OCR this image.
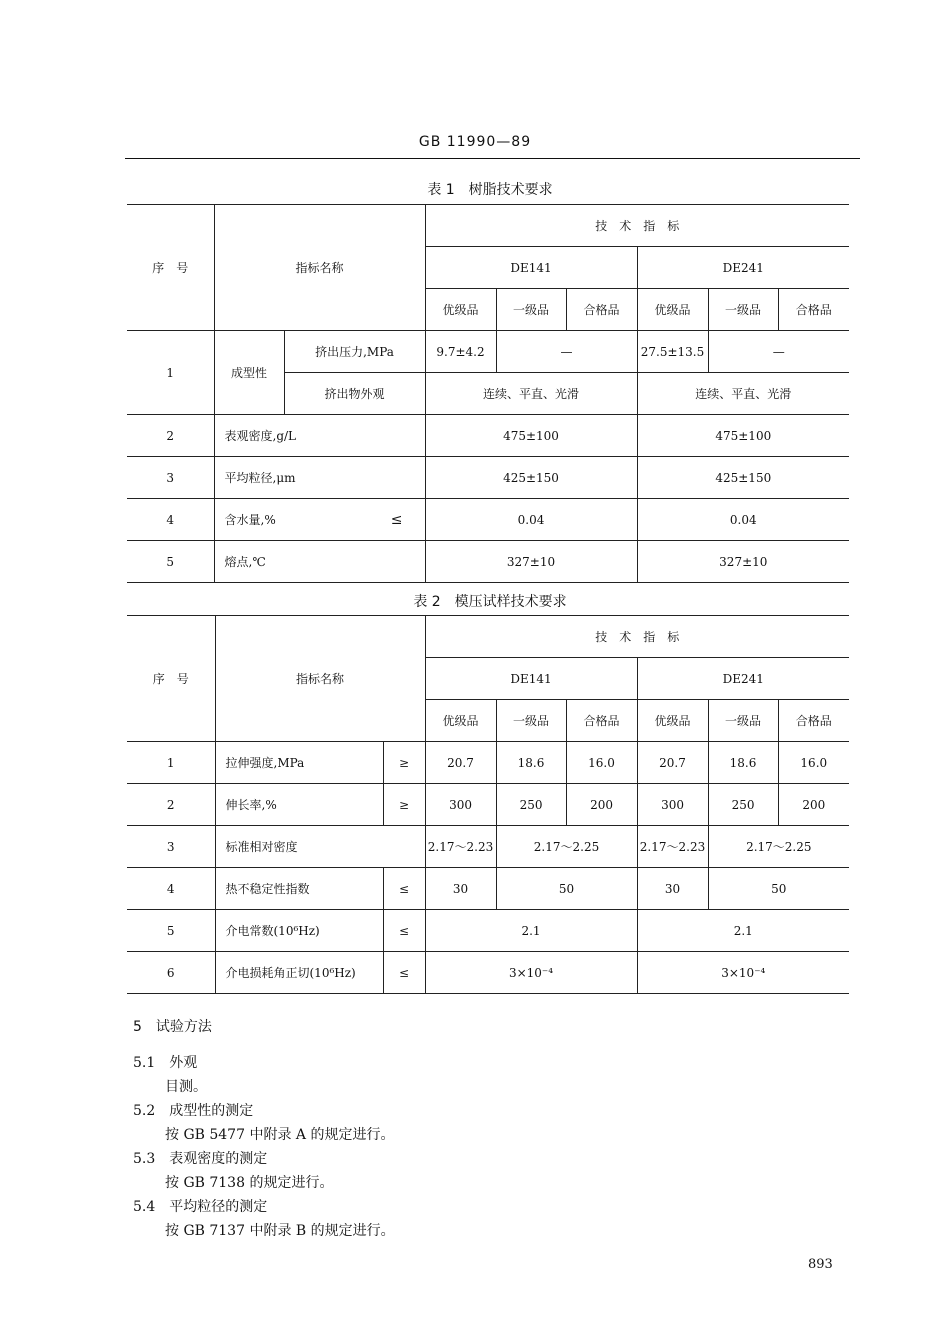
GB 11990—89
表 1　树脂技术要求
序　号	指标名称		技　术　指　标					
			DE141			DE241		
			优级品	一级品	合格品	优级品	一级品	合格品
1	成型性	挤出压力,MPa	9.7±4.2	—		27.5±13.5	—	
		挤出物外观	连续、平直、光滑			连续、平直、光滑		
2	表观密度,g/L		475±100			475±100		
3	平均粒径,μm		425±150			425±150		
4	含水量,% ≤		0.04			0.04		
5	熔点,℃		327±10			327±10		
表 2　模压试样技术要求
序　号	指标名称		技　术　指　标					
			DE141			DE241		
			优级品	一级品	合格品	优级品	一级品	合格品
1	拉伸强度,MPa	≥	20.7	18.6	16.0	20.7	18.6	16.0
2	伸长率,%	≥	300	250	200	300	250	200
3	标准相对密度		2.17～2.23	2.17～2.25		2.17～2.23	2.17～2.25	
4	热不稳定性指数	≤	30	50		30	50	
5	介电常数(10⁶Hz)	≤	2.1			2.1		
6	介电损耗角正切(10⁶Hz)	≤	3×10⁻⁴			3×10⁻⁴		
5　试验方法
5.1　外观
目测。
5.2　成型性的测定
按 GB 5477 中附录 A 的规定进行。
5.3　表观密度的测定
按 GB 7138 的规定进行。
5.4　平均粒径的测定
按 GB 7137 中附录 B 的规定进行。
893
